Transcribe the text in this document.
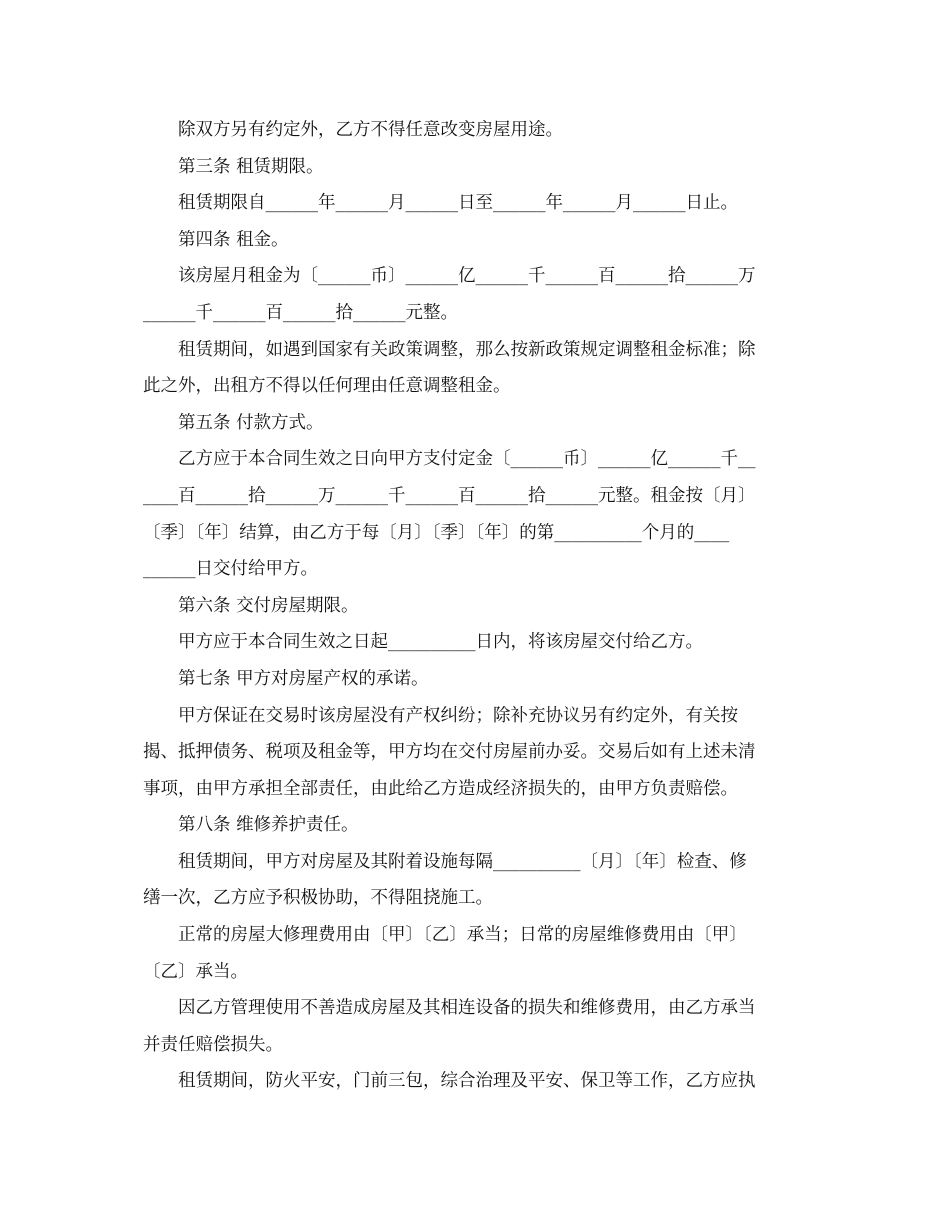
除双方另有约定外，乙方不得任意改变房屋用途。
第三条 租赁期限。
租赁期限自______年______月______日至______年______月______日止。
第四条 租金。
该房屋月租金为〔______币〕______亿______千______百______拾______万
______千______百______拾______元整。
租赁期间，如遇到国家有关政策调整，那么按新政策规定调整租金标准；除
此之外，出租方不得以任何理由任意调整租金。
第五条 付款方式。
乙方应于本合同生效之日向甲方支付定金〔______币〕______亿______千__
____百______拾______万______千______百______拾______元整。租金按〔月〕
〔季〕〔年〕结算，由乙方于每〔月〕〔季〕〔年〕的第__________个月的____
______日交付给甲方。
第六条 交付房屋期限。
甲方应于本合同生效之日起__________日内，将该房屋交付给乙方。
第七条 甲方对房屋产权的承诺。
甲方保证在交易时该房屋没有产权纠纷；除补充协议另有约定外，有关按
揭、抵押债务、税项及租金等，甲方均在交付房屋前办妥。交易后如有上述未清
事项，由甲方承担全部责任，由此给乙方造成经济损失的，由甲方负责赔偿。
第八条 维修养护责任。
租赁期间，甲方对房屋及其附着设施每隔__________〔月〕〔年〕检查、修
缮一次，乙方应予积极协助，不得阻挠施工。
正常的房屋大修理费用由〔甲〕〔乙〕承当；日常的房屋维修费用由〔甲〕
〔乙〕承当。
因乙方管理使用不善造成房屋及其相连设备的损失和维修费用，由乙方承当
并责任赔偿损失。
租赁期间，防火平安，门前三包，综合治理及平安、保卫等工作，乙方应执
